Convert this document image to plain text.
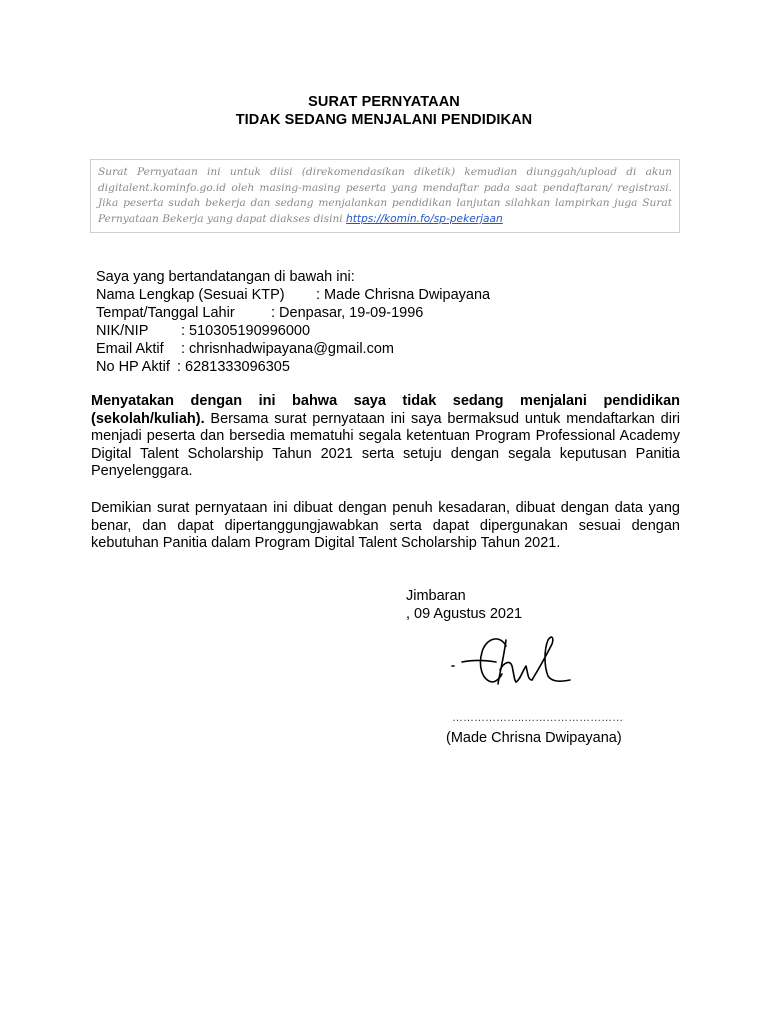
SURAT PERNYATAAN
TIDAK SEDANG MENJALANI PENDIDIKAN
Surat Pernyataan ini untuk diisi (direkomendasikan diketik) kemudian diunggah/upload di akun digitalent.kominfo.go.id oleh masing-masing peserta yang mendaftar pada saat pendaftaran/ registrasi. Jika peserta sudah bekerja dan sedang menjalankan pendidikan lanjutan silahkan lampirkan juga Surat Pernyataan Bekerja yang dapat diakses disini https://komin.fo/sp-pekerjaan
Saya yang bertandatangan di bawah ini:
Nama Lengkap (Sesuai KTP) : Made Chrisna Dwipayana
Tempat/Tanggal Lahir	: Denpasar, 19-09-1996
NIK/NIP : 510305190996000
Email Aktif : chrisnhadwipayana@gmail.com
No HP Aktif : 6281333096305
Menyatakan dengan ini bahwa saya tidak sedang menjalani pendidikan (sekolah/kuliah). Bersama surat pernyataan ini saya bermaksud untuk mendaftarkan diri menjadi peserta dan bersedia mematuhi segala ketentuan Program Professional Academy Digital Talent Scholarship Tahun 2021 serta setuju dengan segala keputusan Panitia Penyelenggara.
Demikian surat pernyataan ini dibuat dengan penuh kesadaran, dibuat dengan data yang benar, dan dapat dipertanggungjawabkan serta dapat dipergunakan sesuai dengan kebutuhan Panitia dalam Program Digital Talent Scholarship Tahun 2021.
Jimbaran
, 09 Agustus 2021
………………..………………………
(Made Chrisna Dwipayana)
